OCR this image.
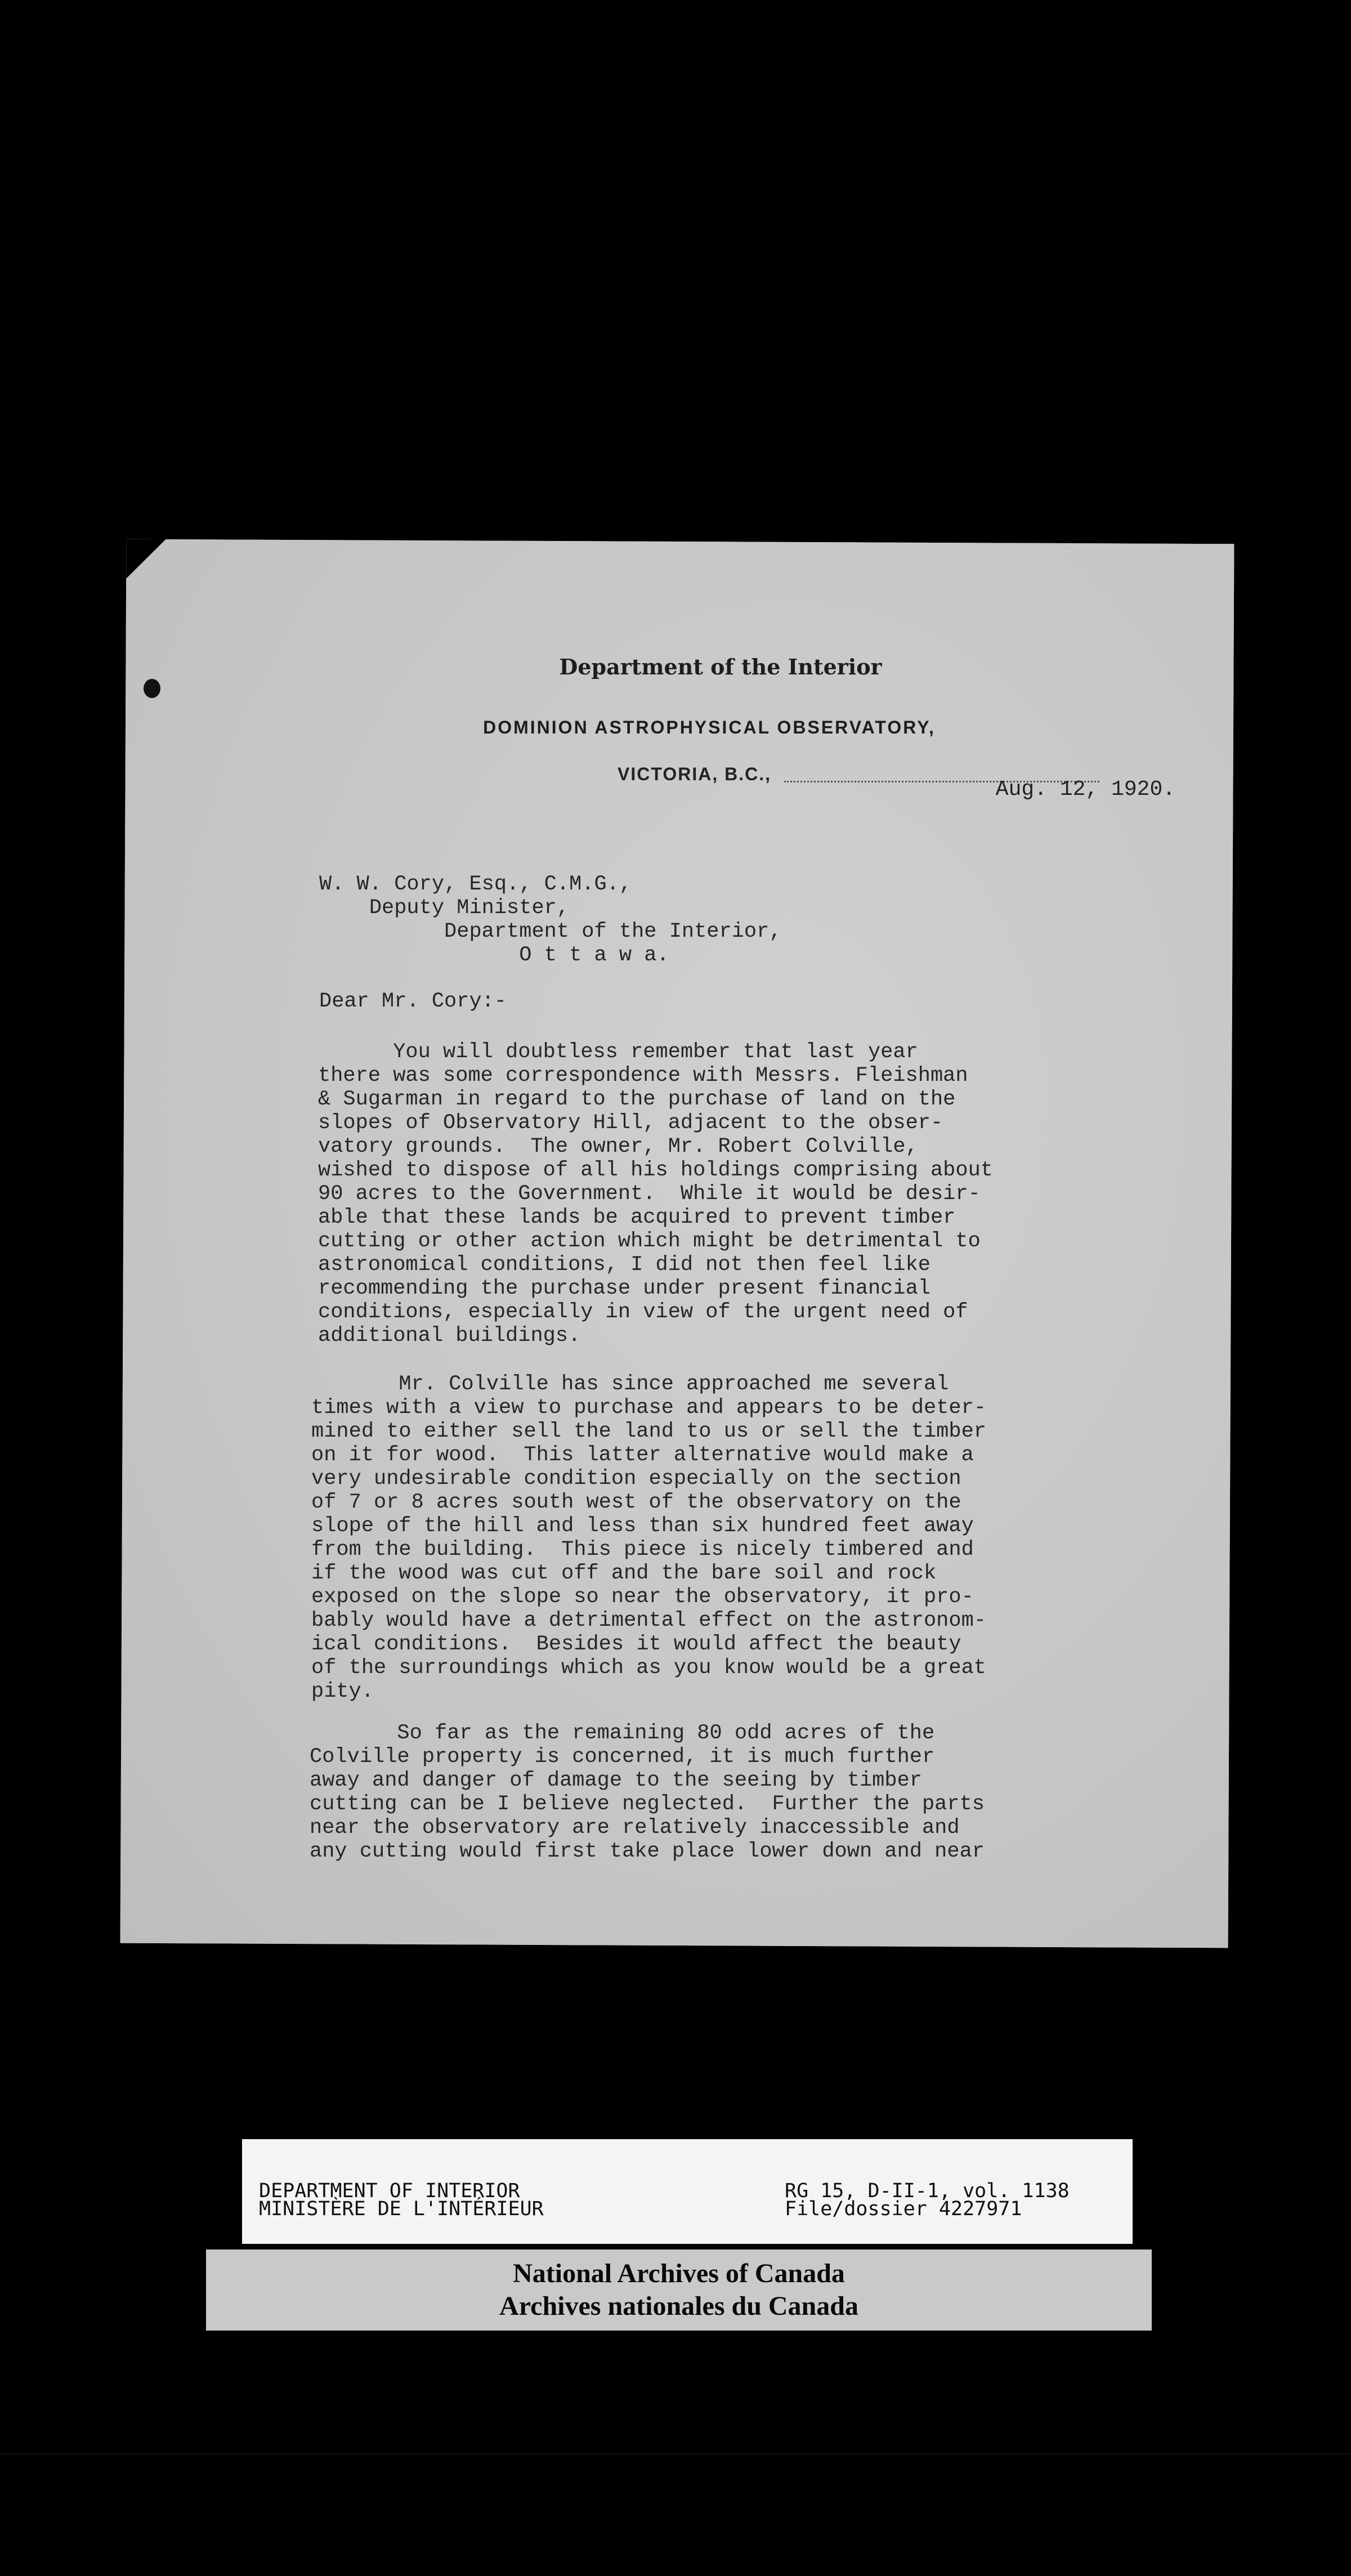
Department of the Interior
DOMINION ASTROPHYSICAL OBSERVATORY,
VICTORIA, B.C.,
Aug. 12, 1920.
W. W. Cory, Esq., C.M.G.,
Deputy Minister,
Department of the Interior,
O t t a w a.
Dear Mr. Cory:-
You will doubtless remember that last year
there was some correspondence with Messrs. Fleishman
& Sugarman in regard to the purchase of land on the
slopes of Observatory Hill, adjacent to the obser-
vatory grounds.  The owner, Mr. Robert Colville,
wished to dispose of all his holdings comprising about
90 acres to the Government.  While it would be desir-
able that these lands be acquired to prevent timber
cutting or other action which might be detrimental to
astronomical conditions, I did not then feel like
recommending the purchase under present financial
conditions, especially in view of the urgent need of
additional buildings.
Mr. Colville has since approached me several
times with a view to purchase and appears to be deter-
mined to either sell the land to us or sell the timber
on it for wood.  This latter alternative would make a
very undesirable condition especially on the section
of 7 or 8 acres south west of the observatory on the
slope of the hill and less than six hundred feet away
from the building.  This piece is nicely timbered and
if the wood was cut off and the bare soil and rock
exposed on the slope so near the observatory, it pro-
bably would have a detrimental effect on the astronom-
ical conditions.  Besides it would affect the beauty
of the surroundings which as you know would be a great
pity.
So far as the remaining 80 odd acres of the
Colville property is concerned, it is much further
away and danger of damage to the seeing by timber
cutting can be I believe neglected.  Further the parts
near the observatory are relatively inaccessible and
any cutting would first take place lower down and near
DEPARTMENT OF INTERIOR	RG 15, D-II-1, vol. 1138
MINISTÈRE DE L'INTÉRIEUR	File/dossier 4227971
National Archives of Canada
Archives nationales du Canada
